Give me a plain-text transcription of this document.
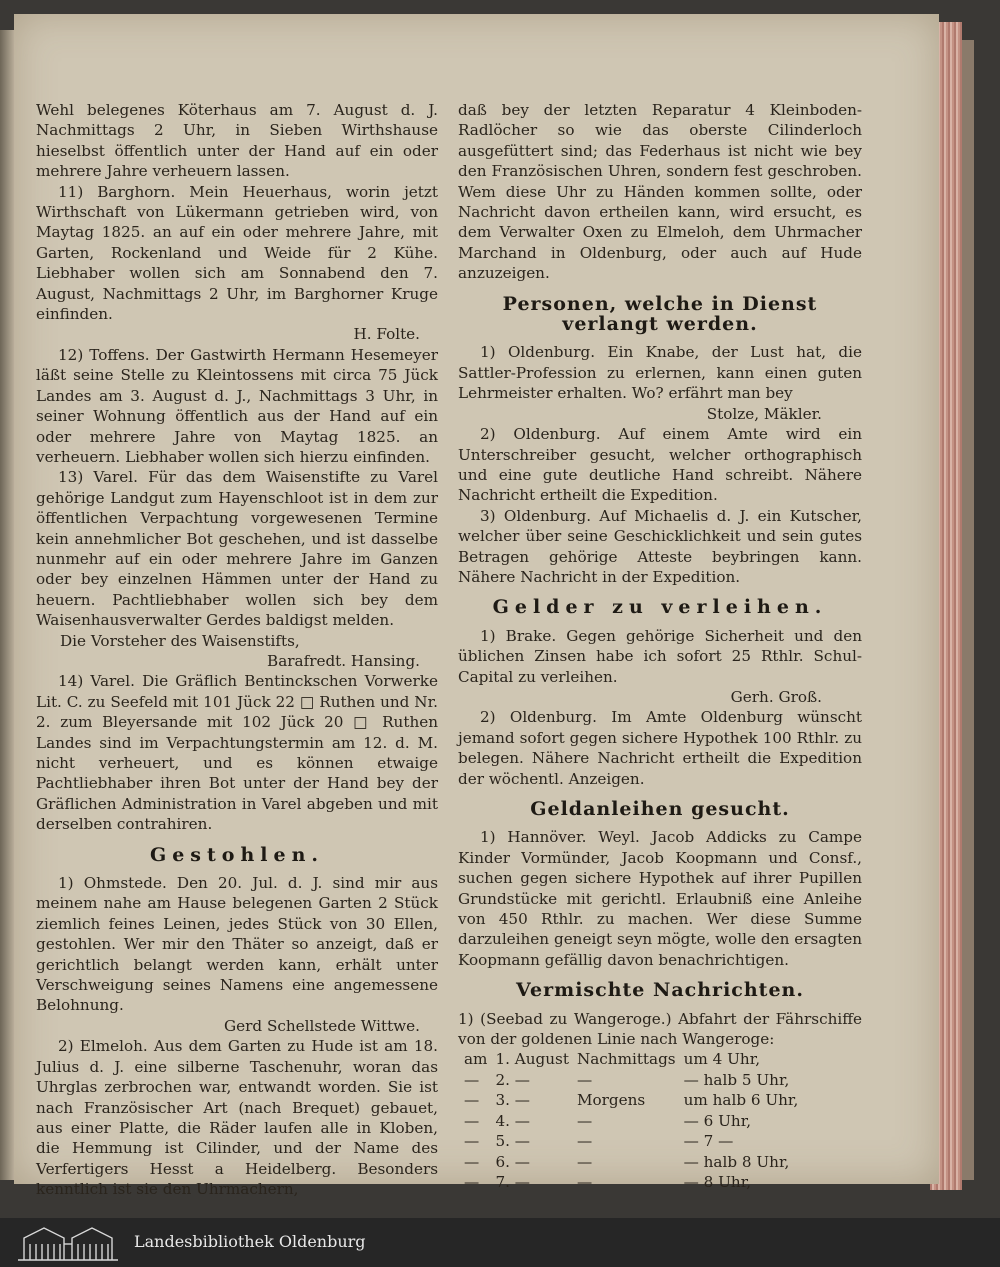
Wehl belegenes Köterhaus am 7. August d. J. Nachmittags 2 Uhr, in Sieben Wirthshause hieselbst öffentlich unter der Hand auf ein oder mehrere Jahre verheuern lassen.

11) Barghorn. Mein Heuerhaus, worin jetzt Wirthschaft von Lükermann getrieben wird, von Maytag 1825. an auf ein oder mehrere Jahre, mit Garten, Rockenland und Weide für 2 Kühe. Liebhaber wollen sich am Sonnabend den 7. August, Nachmittags 2 Uhr, im Barghorner Kruge einfinden.

H. Folte.

12) Toffens. Der Gastwirth Hermann Hesemeyer läßt seine Stelle zu Kleintossens mit circa 75 Jück Landes am 3. August d. J., Nachmittags 3 Uhr, in seiner Wohnung öffentlich aus der Hand auf ein oder mehrere Jahre von Maytag 1825. an verheuern. Liebhaber wollen sich hierzu einfinden.

13) Varel. Für das dem Waisenstifte zu Varel gehörige Landgut zum Hayenschloot ist in dem zur öffentlichen Verpachtung vorgewesenen Termine kein annehmlicher Bot geschehen, und ist dasselbe nunmehr auf ein oder mehrere Jahre im Ganzen oder bey einzelnen Hämmen unter der Hand zu heuern. Pachtliebhaber wollen sich bey dem Waisenhausverwalter Gerdes baldigst melden.

Die Vorsteher des Waisenstifts,

Barafredt. Hansing.

14) Varel. Die Gräflich Bentinckschen Vorwerke Lit. C. zu Seefeld mit 101 Jück 22 □ Ruthen und Nr. 2. zum Bleyersande mit 102 Jück 20 □ Ruthen Landes sind im Verpachtungstermin am 12. d. M. nicht verheuert, und es können etwaige Pachtliebhaber ihren Bot unter der Hand bey der Gräflichen Administration in Varel abgeben und mit derselben contrahiren.

Gestohlen.

1) Ohmstede. Den 20. Jul. d. J. sind mir aus meinem nahe am Hause belegenen Garten 2 Stück ziemlich feines Leinen, jedes Stück von 30 Ellen, gestohlen. Wer mir den Thäter so anzeigt, daß er gerichtlich belangt werden kann, erhält unter Verschweigung seines Namens eine angemessene Belohnung.

Gerd Schellstede Wittwe.

2) Elmeloh. Aus dem Garten zu Hude ist am 18. Julius d. J. eine silberne Taschenuhr, woran das Uhrglas zerbrochen war, entwandt worden. Sie ist nach Französischer Art (nach Brequet) gebauet, aus einer Platte, die Räder laufen alle in Kloben, die Hemmung ist Cilinder, und der Name des Verfertigers Hesst a Heidelberg. Besonders kenntlich ist sie den Uhrmachern,

daß bey der letzten Reparatur 4 Kleinboden-Radlöcher so wie das oberste Cilinderloch ausgefüttert sind; das Federhaus ist nicht wie bey den Französischen Uhren, sondern fest geschroben. Wem diese Uhr zu Händen kommen sollte, oder Nachricht davon ertheilen kann, wird ersucht, es dem Verwalter Oxen zu Elmeloh, dem Uhrmacher Marchand in Oldenburg, oder auch auf Hude anzuzeigen.

Personen, welche in Dienst verlangt werden.

1) Oldenburg. Ein Knabe, der Lust hat, die Sattler-Profession zu erlernen, kann einen guten Lehrmeister erhalten. Wo? erfährt man bey

Stolze, Mäkler.

2) Oldenburg. Auf einem Amte wird ein Unterschreiber gesucht, welcher orthographisch und eine gute deutliche Hand schreibt. Nähere Nachricht ertheilt die Expedition.

3) Oldenburg. Auf Michaelis d. J. ein Kutscher, welcher über seine Geschicklichkeit und sein gutes Betragen gehörige Atteste beybringen kann. Nähere Nachricht in der Expedition.

Gelder zu verleihen.

1) Brake. Gegen gehörige Sicherheit und den üblichen Zinsen habe ich sofort 25 Rthlr. Schul-Capital zu verleihen.

Gerh. Groß.

2) Oldenburg. Im Amte Oldenburg wünscht jemand sofort gegen sichere Hypothek 100 Rthlr. zu belegen. Nähere Nachricht ertheilt die Expedition der wöchentl. Anzeigen.

Geldanleihen gesucht.

1) Hannöver. Weyl. Jacob Addicks zu Campe Kinder Vormünder, Jacob Koopmann und Consf., suchen gegen sichere Hypothek auf ihrer Pupillen Grundstücke mit gerichtl. Erlaubniß eine Anleihe von 450 Rthlr. zu machen. Wer diese Summe darzuleihen geneigt seyn mögte, wolle den ersagten Koopmann gefällig davon benachrichtigen.

Vermischte Nachrichten.

1) (Seebad zu Wangeroge.) Abfahrt der Fährschiffe von der goldenen Linie nach Wangeroge:

am	1. August	Nachmittags	um 4 Uhr,
—	2. —	—	— halb 5 Uhr,
—	3. —	Morgens	um halb 6 Uhr,
—	4. —	—	— 6 Uhr,
—	5. —	—	— 7 —
—	6. —	—	— halb 8 Uhr,
—	7. —	—	— 8 Uhr,
Landesbibliothek Oldenburg
